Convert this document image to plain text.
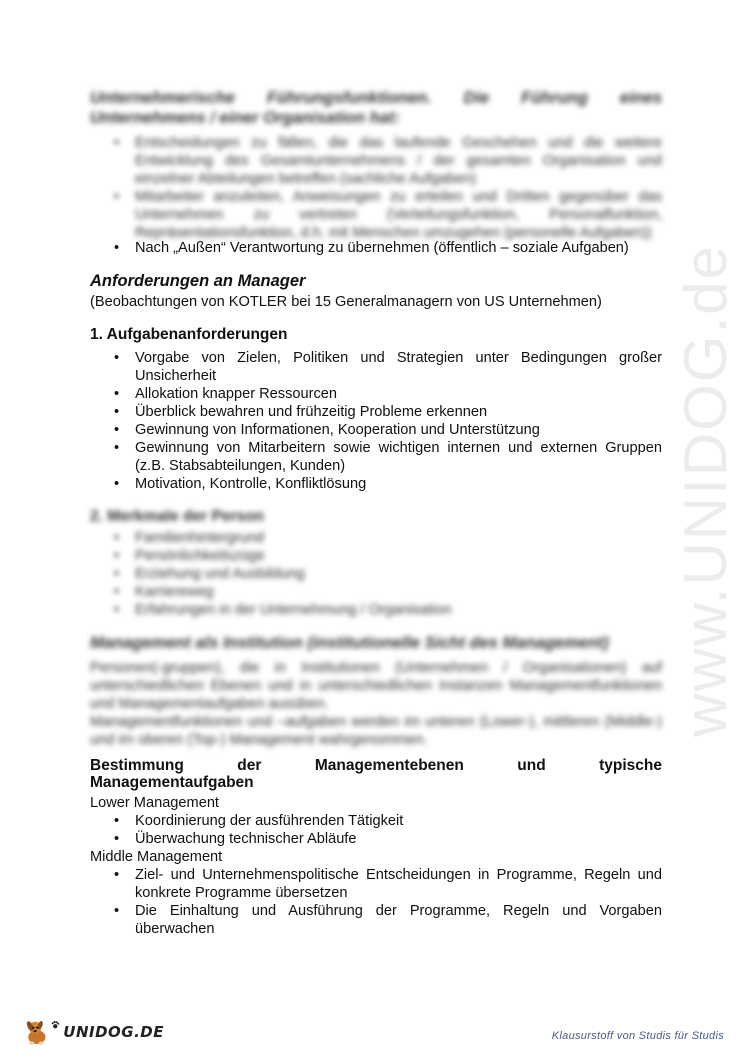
www.UNIDOG.de

Unternehmerische Führungsfunktionen. Die Führung eines Unternehmens / einer Organisation hat:

• Entscheidungen zu fällen, die das laufende Geschehen und die weitere Entwicklung des Gesamtunternehmens / der gesamten Organisation und einzelner Abteilungen betreffen (sachliche Aufgaben)
• Mitarbeiter anzuleiten, Anweisungen zu erteilen und Dritten gegenüber das Unternehmen zu vertreten (Verteilungsfunktion, Personalfunktion, Repräsentationsfunktion, d.h. mit Menschen umzugehen (personelle Aufgaben))
• Nach „Außen“ Verantwortung zu übernehmen (öffentlich – soziale Aufgaben)

Anforderungen an Manager

(Beobachtungen von KOTLER bei 15 Generalmanagern von US Unternehmen)

1. Aufgabenanforderungen

• Vorgabe von Zielen, Politiken und Strategien unter Bedingungen großer Unsicherheit
• Allokation knapper Ressourcen
• Überblick bewahren und frühzeitig Probleme erkennen
• Gewinnung von Informationen, Kooperation und Unterstützung
• Gewinnung von Mitarbeitern sowie wichtigen internen und externen Gruppen (z.B. Stabsabteilungen, Kunden)
• Motivation, Kontrolle, Konfliktlösung

2. Merkmale der Person

• Familienhintergrund
• Persönlichkeitszüge
• Erziehung und Ausbildung
• Karriereweg
• Erfahrungen in der Unternehmung / Organisation

Management als Institution (institutionelle Sicht des Management)

Personen(-gruppen), die in Institutionen (Unternehmen / Organisationen) auf unterschiedlichen Ebenen und in unterschiedlichen Instanzen Managementfunktionen und Managementaufgaben ausüben.

Managementfunktionen und –aufgaben werden im unteren (Lower-), mittleren (Middle-) und im oberen (Top-) Management wahrgenommen.

Bestimmung der Managementebenen und typische

Managementaufgaben

Lower Management

• Koordinierung der ausführenden Tätigkeit
• Überwachung technischer Abläufe

Middle Management

• Ziel- und Unternehmenspolitische Entscheidungen in Programme, Regeln und konkrete Programme übersetzen
• Die Einhaltung und Ausführung der Programme, Regeln und Vorgaben überwachen
UNIDOG.DE	Klausurstoff von Studis für Studis
